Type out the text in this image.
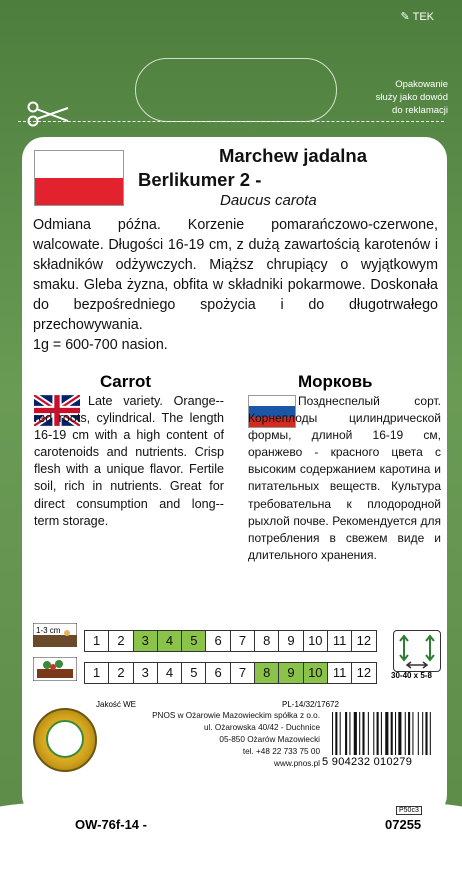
✎ TEK
Opakowanie
służy jako dowód
do reklamacji
Marchew jadalna
Berlikumer 2 -
Daucus carota
Odmiana późna. Korzenie pomarańczowo-czerwone, walcowate. Długości 16-19 cm, z dużą zawartością karotenów i składników odżywczych. Miąższ chrupiący o wyjątkowym smaku. Gleba żyzna, obfita w składniki pokarmowe. Doskonała do bezpośredniego spożycia i do długotrwałego przechowywania.
1g = 600-700 nasion.
Carrot	Морковь
Late variety. Orange--red roots, cylindrical. The length 16-19 cm with a high content of carotenoids and nutrients. Crisp flesh with a unique flavor. Fertile soil, rich in nutrients. Great for direct consumption and long--term storage.
Позднеспелый сорт. Корнеплоды цилиндрической формы, длиной 16-19 см, оранжево - красного цвета с высоким содержанием каротина и питательных веществ. Культура требовательна к плодородной рыхлой почве. Рекомендуется для потребления в свежем виде и длительного хранения.
1-3 cm
1	2	3	4	5	6	7	8	9	10 11 12
1	2	3	4	5	6	7	8	9	10 11 12	30-40 x 5-8
Jakość WE	PL-14/32/17672
PNOS w Ożarowie Mazowieckim spółka z o.o.
ul. Ożarowska 40/42 - Duchnice
05-850 Ożarów Mazowiecki
tel. +48 22 733 75 00
www.pnos.pl 5 904232 010279
OW-76f-14 -
P50c3
07255
